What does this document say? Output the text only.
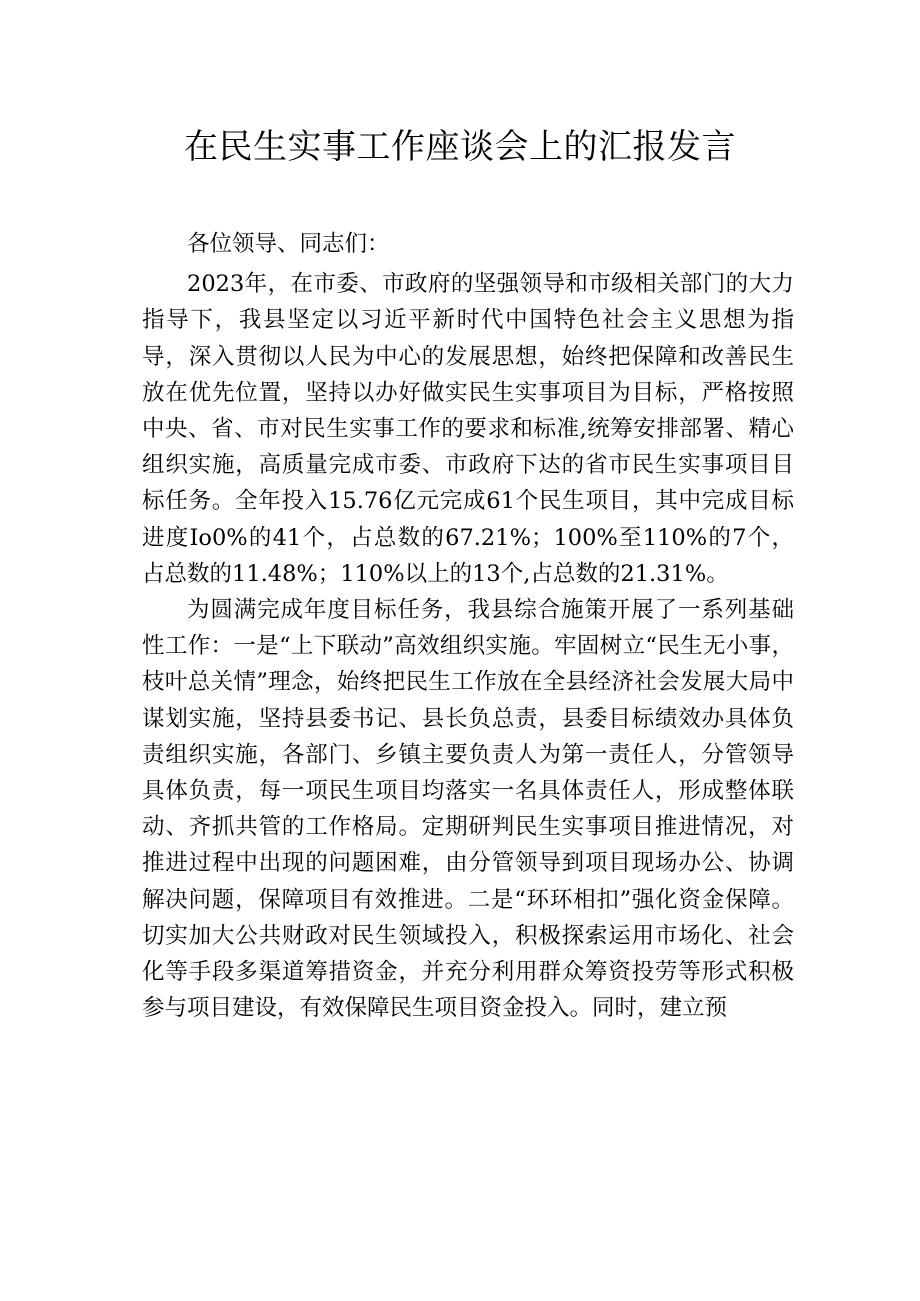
在民生实事工作座谈会上的汇报发言

各位领导、同志们：

2023年，在市委、市政府的坚强领导和市级相关部门的大力指导下，我县坚定以习近平新时代中国特色社会主义思想为指导，深入贯彻以人民为中心的发展思想，始终把保障和改善民生放在优先位置，坚持以办好做实民生实事项目为目标，严格按照中央、省、市对民生实事工作的要求和标准,统筹安排部署、精心组织实施，高质量完成市委、市政府下达的省市民生实事项目目标任务。全年投入15.76亿元完成61个民生项目，其中完成目标进度Io0%的41个，占总数的67.21%；100%至110%的7个，占总数的11.48%；110%以上的13个,占总数的21.31%。

为圆满完成年度目标任务，我县综合施策开展了一系列基础性工作：一是“上下联动”高效组织实施。牢固树立“民生无小事，枝叶总关情”理念，始终把民生工作放在全县经济社会发展大局中谋划实施，坚持县委书记、县长负总责，县委目标绩效办具体负责组织实施，各部门、乡镇主要负责人为第一责任人，分管领导具体负责，每一项民生项目均落实一名具体责任人，形成整体联动、齐抓共管的工作格局。定期研判民生实事项目推进情况，对推进过程中出现的问题困难，由分管领导到项目现场办公、协调解决问题，保障项目有效推进。二是“环环相扣”强化资金保障。切实加大公共财政对民生领域投入，积极探索运用市场化、社会化等手段多渠道筹措资金，并充分利用群众筹资投劳等形式积极参与项目建设，有效保障民生项目资金投入。同时，建立预
